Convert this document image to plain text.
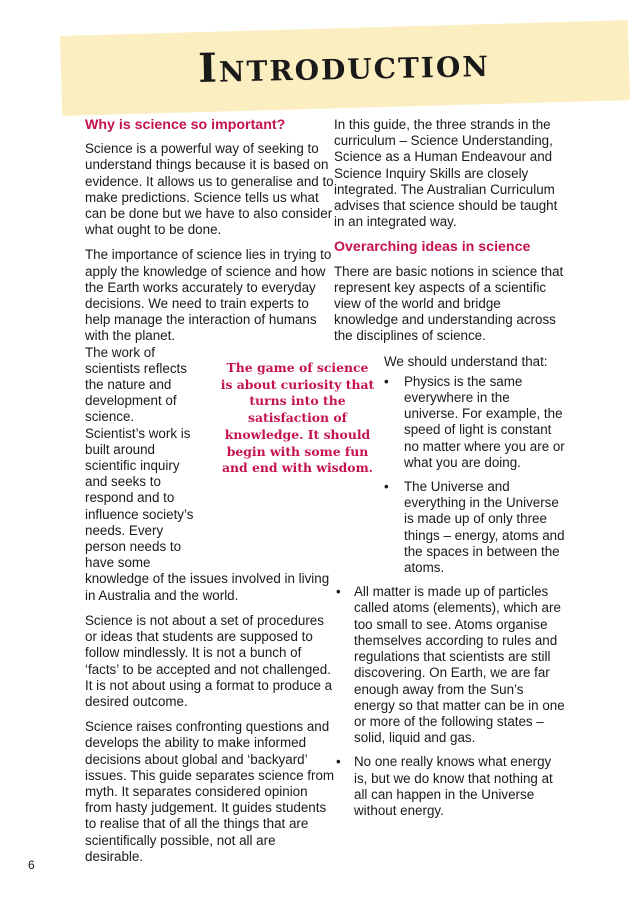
Introduction
Why is science so important?

Science is a powerful way of seeking to understand things because it is based on evidence. It allows us to generalise and to make predictions. Science tells us what can be done but we have to also consider what ought to be done.

The importance of science lies in trying to apply the knowledge of science and how the Earth works accurately to everyday decisions. We need to train experts to help manage the interaction of humans with the planet.

The work of scientists reflects the nature and development of science. Scientist’s work is built around scientific inquiry and seeks to respond and to influence society’s needs. Every person needs to have some knowledge of the issues involved in living in Australia and the world.

Science is not about a set of procedures or ideas that students are supposed to follow mindlessly. It is not a bunch of ‘facts’ to be accepted and not challenged. It is not about using a format to produce a desired outcome.

Science raises confronting questions and develops the ability to make informed decisions about global and ‘backyard’ issues. This guide separates science from myth. It separates considered opinion from hasty judgement. It guides students to realise that of all the things that are scientifically possible, not all are desirable.

The game of science is about curiosity that turns into the satisfaction of knowledge. It should begin with some fun and end with wisdom.

In this guide, the three strands in the curriculum – Science Understanding, Science as a Human Endeavour and Science Inquiry Skills are closely integrated. The Australian Curriculum advises that science should be taught in an integrated way.

Overarching ideas in science

There are basic notions in science that represent key aspects of a scientific view of the world and bridge knowledge and understanding across the disciplines of science.

We should understand that:
• Physics is the same everywhere in the universe. For example, the speed of light is constant no matter where you are or what you are doing.
• The Universe and everything in the Universe is made up of only three things – energy, atoms and the spaces in between the atoms.
• All matter is made up of particles called atoms (elements), which are too small to see. Atoms organise themselves according to rules and regulations that scientists are still discovering. On Earth, we are far enough away from the Sun’s energy so that matter can be in one or more of the following states – solid, liquid and gas.
• No one really knows what energy is, but we do know that nothing at all can happen in the Universe without energy.
6
